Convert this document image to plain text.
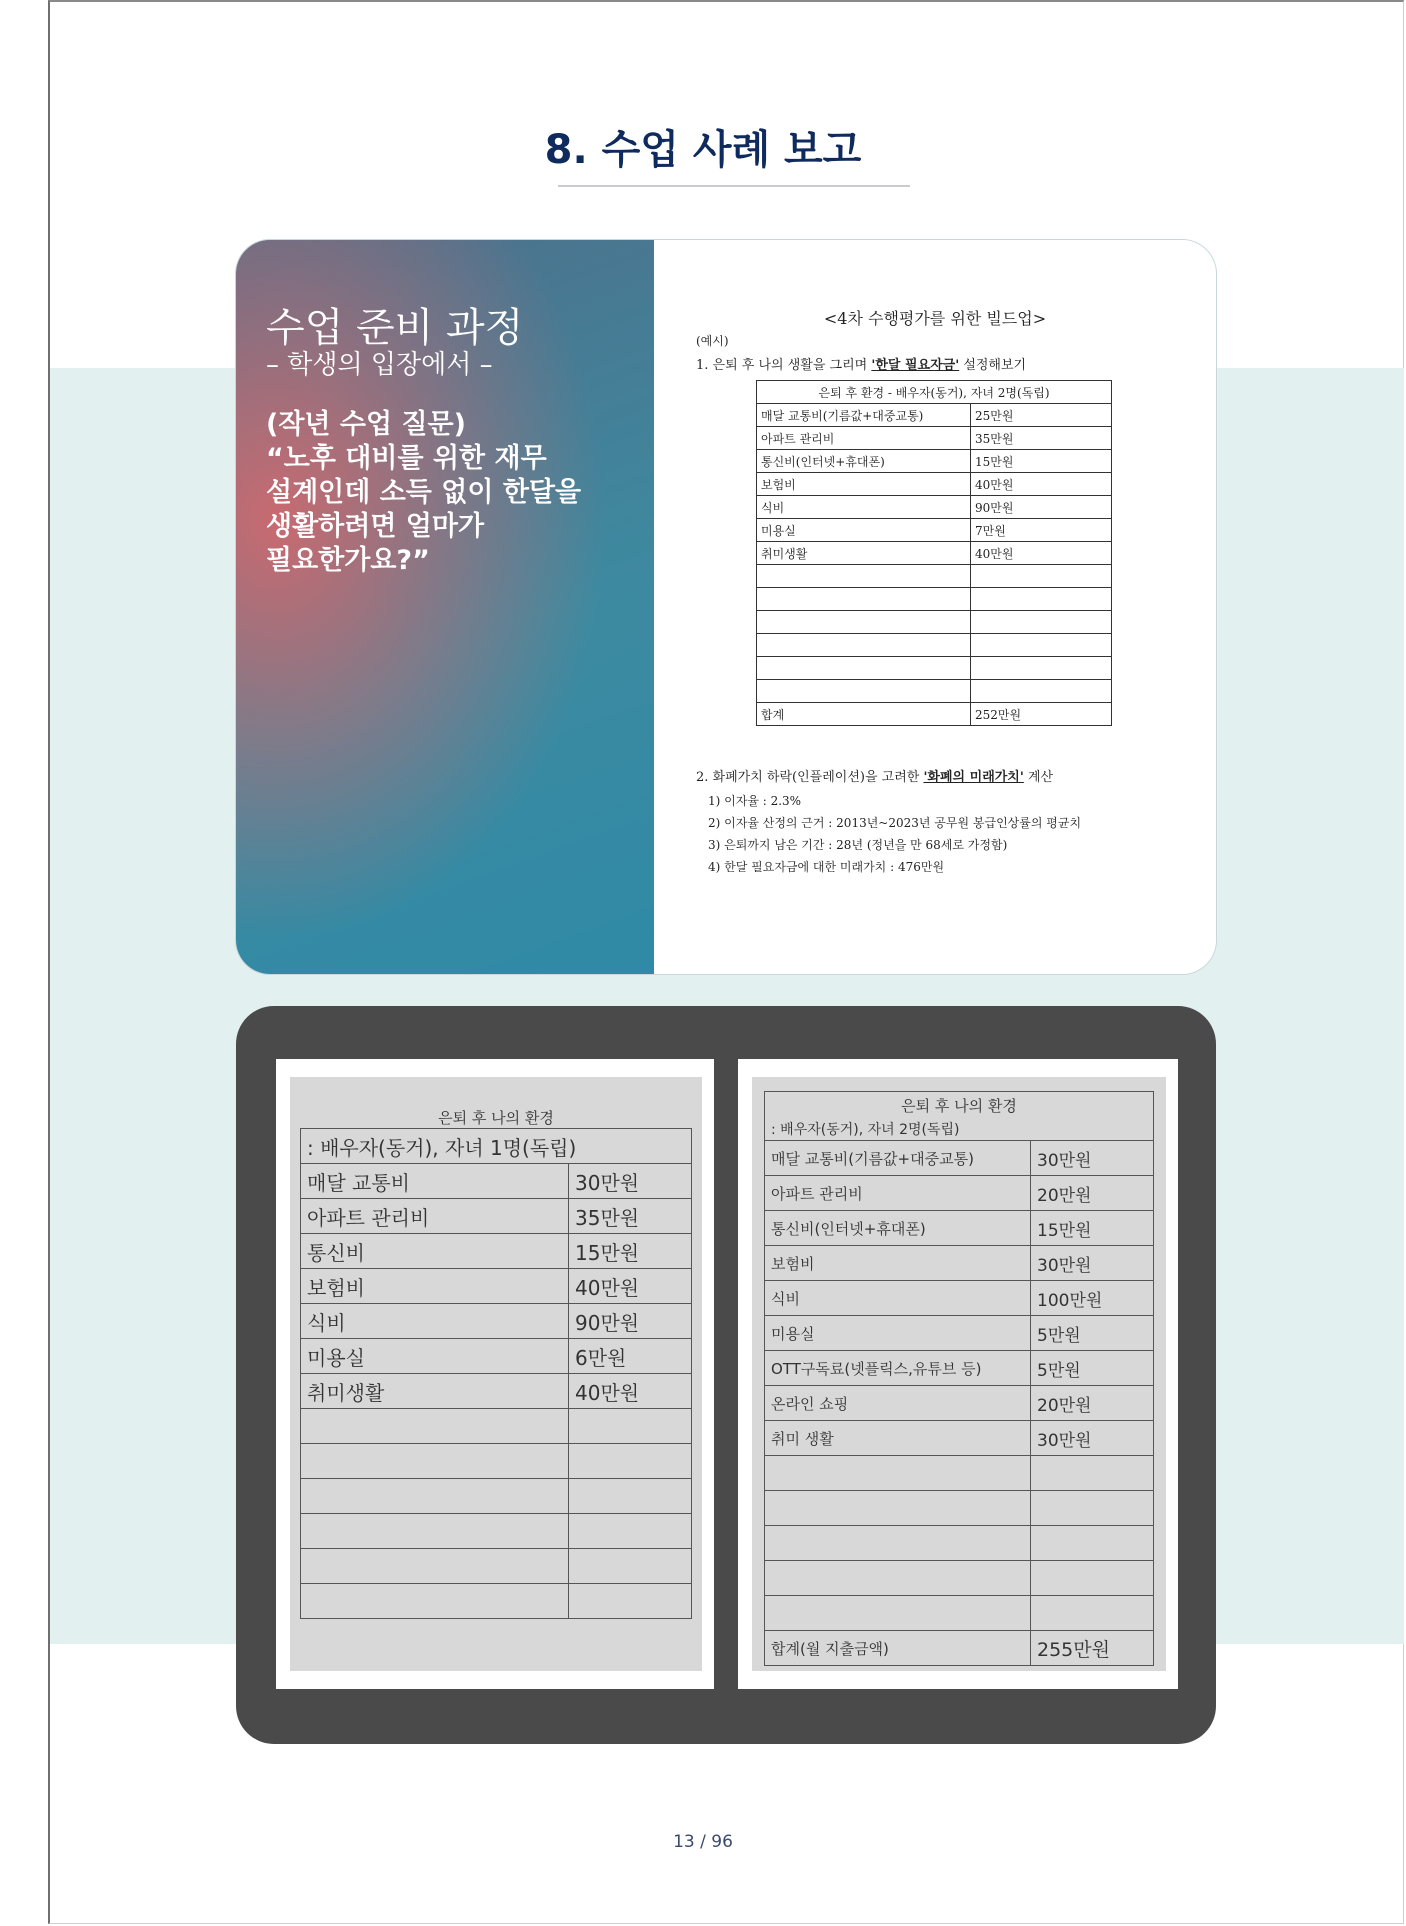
8. 수업 사례 보고
수업 준비 과정
– 학생의 입장에서 –
(작년 수업 질문)
“노후 대비를 위한 재무
설계인데 소득 없이 한달을
생활하려면 얼마가
필요한가요?”
<4차 수행평가를 위한 빌드업>
(예시)
1. 은퇴 후 나의 생활을 그리며 '한달 필요자금' 설정해보기
은퇴 후 환경 - 배우자(동거), 자녀 2명(독립)	
매달 교통비(기름값+대중교통)	25만원
아파트 관리비	35만원
통신비(인터넷+휴대폰)	15만원
보험비	40만원
식비	90만원
미용실	7만원
취미생활	40만원

합계	252만원
2. 화폐가치 하락(인플레이션)을 고려한 '화폐의 미래가치' 계산
1) 이자율 : 2.3%
2) 이자율 산정의 근거 : 2013년~2023년 공무원 봉급인상률의 평균치
3) 은퇴까지 남은 기간 : 28년 (정년을 만 68세로 가정함)
4) 한달 필요자금에 대한 미래가치 : 476만원
은퇴 후 나의 환경
: 배우자(동거), 자녀 1명(독립)	
매달 교통비	30만원
아파트 관리비	35만원
통신비	15만원
보험비	40만원
식비	90만원
미용실	6만원
취미생활	40만원

은퇴 후 나의 환경	
: 배우자(동거), 자녀 2명(독립)	
매달 교통비(기름값+대중교통)	30만원
아파트 관리비	20만원
통신비(인터넷+휴대폰)	15만원
보험비	30만원
식비	100만원
미용실	5만원
OTT구독료(넷플릭스,유튜브 등)	5만원
온라인 쇼핑	20만원
취미 생활	30만원

합계(월 지출금액)	255만원
13 / 96
